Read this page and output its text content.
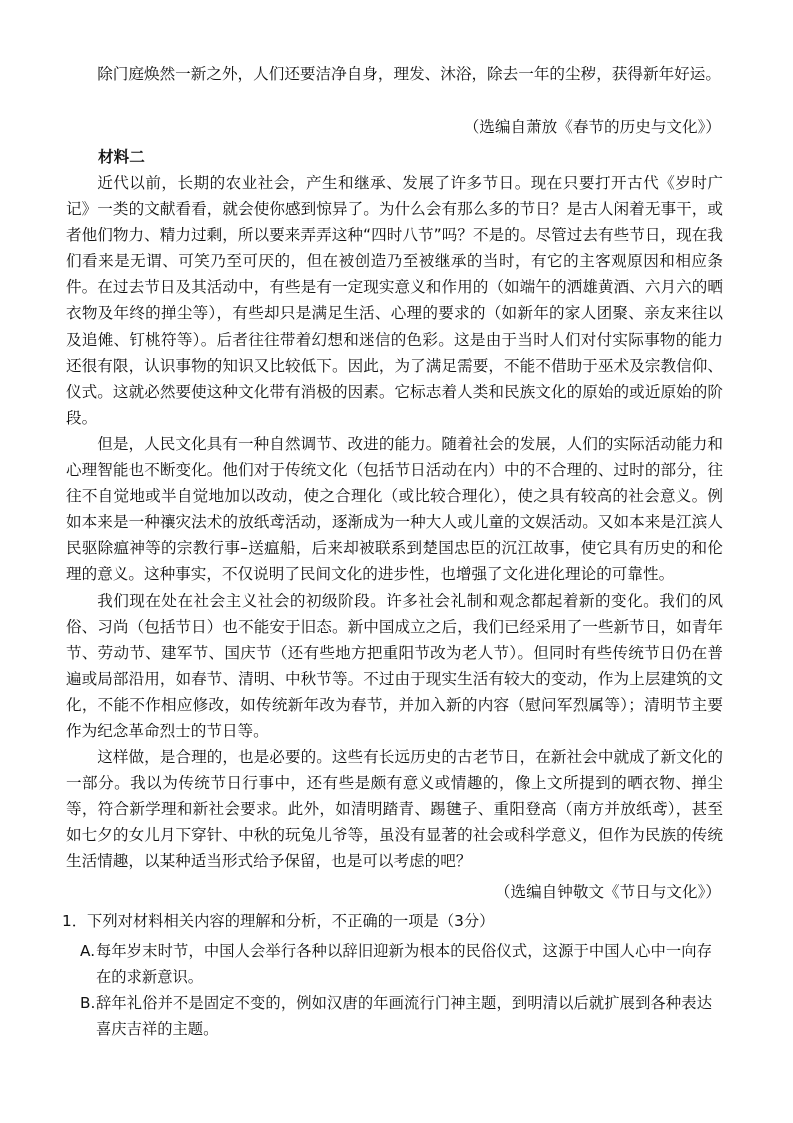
除门庭焕然一新之外，人们还要洁净自身，理发、沐浴，除去一年的尘秽，获得新年好运。

（选编自萧放《春节的历史与文化》）
材料二

近代以前，长期的农业社会，产生和继承、发展了许多节日。现在只要打开古代《岁时广记》一类的文献看看，就会使你感到惊异了。为什么会有那么多的节日？是古人闲着无事干，或者他们物力、精力过剩，所以要来弄弄这种“四时八节”吗？不是的。尽管过去有些节日，现在我们看来是无谓、可笑乃至可厌的，但在被创造乃至被继承的当时，有它的主客观原因和相应条件。在过去节日及其活动中，有些是有一定现实意义和作用的（如端午的洒雄黄酒、六月六的晒衣物及年终的掸尘等），有些却只是满足生活、心理的要求的（如新年的家人团聚、亲友来往以及追傩、钉桃符等）。后者往往带着幻想和迷信的色彩。这是由于当时人们对付实际事物的能力还很有限，认识事物的知识又比较低下。因此，为了满足需要，不能不借助于巫术及宗教信仰、仪式。这就必然要使这种文化带有消极的因素。它标志着人类和民族文化的原始的或近原始的阶段。

但是，人民文化具有一种自然调节、改进的能力。随着社会的发展，人们的实际活动能力和心理智能也不断变化。他们对于传统文化（包括节日活动在内）中的不合理的、过时的部分，往往不自觉地或半自觉地加以改动，使之合理化（或比较合理化），使之具有较高的社会意义。例如本来是一种禳灾法术的放纸鸢活动，逐渐成为一种大人或儿童的文娱活动。又如本来是江滨人民驱除瘟神等的宗教行事–送瘟船，后来却被联系到楚国忠臣的沉江故事，使它具有历史的和伦理的意义。这种事实，不仅说明了民间文化的进步性，也增强了文化进化理论的可靠性。

我们现在处在社会主义社会的初级阶段。许多社会礼制和观念都起着新的变化。我们的风俗、习尚（包括节日）也不能安于旧态。新中国成立之后，我们已经采用了一些新节日，如青年节、劳动节、建军节、国庆节（还有些地方把重阳节改为老人节）。但同时有些传统节日仍在普遍或局部沿用，如春节、清明、中秋节等。不过由于现实生活有较大的变动，作为上层建筑的文化，不能不作相应修改，如传统新年改为春节，并加入新的内容（慰问军烈属等）；清明节主要作为纪念革命烈士的节日等。

这样做，是合理的，也是必要的。这些有长远历史的古老节日，在新社会中就成了新文化的一部分。我以为传统节日行事中，还有些是颇有意义或情趣的，像上文所提到的晒衣物、掸尘等，符合新学理和新社会要求。此外，如清明踏青、踢毽子、重阳登高（南方并放纸鸢），甚至如七夕的女儿月下穿针、中秋的玩兔儿爷等，虽没有显著的社会或科学意义，但作为民族的传统生活情趣，以某种适当形式给予保留，也是可以考虑的吧？

（选编自钟敬文《节日与文化》）

1．下列对材料相关内容的理解和分析，不正确的一项是（3分）

A. 每年岁末时节，中国人会举行各种以辞旧迎新为根本的民俗仪式，这源于中国人心中一向存在的求新意识。
B. 辞年礼俗并不是固定不变的，例如汉唐的年画流行门神主题，到明清以后就扩展到各种表达喜庆吉祥的主题。
